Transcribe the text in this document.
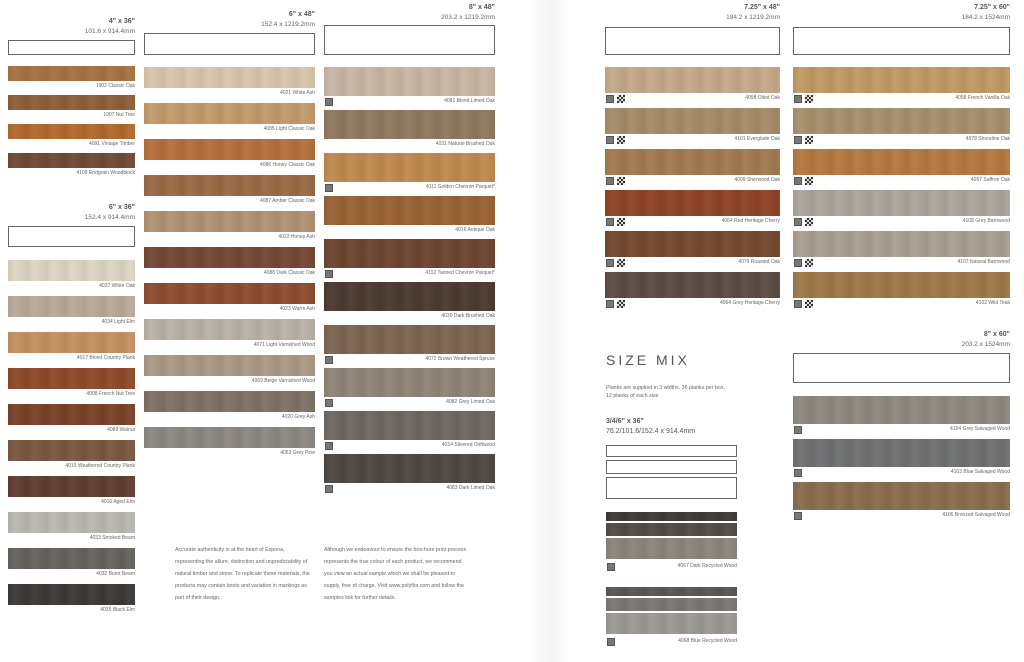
4" x 36"
101.6 x 914.4mm
1902 Classic Oak
1907 Nut Tree
4091 Vintage Timber
4109 Endgrain Woodblock
6" x 36"
152.4 x 914.4mm
4037 White Oak
4034 Light Elm
4017 Blond Country Plank
4008 French Nut Tree
4089 Walnut
4019 Weathered Country Plank
4016 Aged Elm
4033 Smoked Beam
4032 Burnt Beam
4035 Black Elm
6" x 48"
152.4 x 1219.2mm
4021 White Ash
4085 Light Classic Oak
4086 Honey Classic Oak
4087 Amber Classic Oak
4022 Honey Ash
4088 Dark Classic Oak
4023 Warm Ash
4071 Light Varnished Wood
4069 Beige Varnished Wood
4020 Grey Ash
4063 Grey Pine
8" x 48"
203.2 x 1219.2mm
4081 Blond Limed Oak
4031 Natural Brushed Oak
4111 Golden Chevron Parquet*
4016 Antique Oak
4112 Tanned Chevron Parquet*
4030 Dark Brushed Oak
4072 Brown Weathered Spruce
4082 Grey Limed Oak
4014 Silvered Driftwood
4083 Dark Limed Oak
Accurate authenticity is at the heart of Expona, representing the allure, distinction and unpredictability of natural timber and stone. To replicate these materials, the products may contain knots and variation in markings as part of their design.
Although we endeavour to ensure the brochure print process represents the true colour of each product, we recommend you view an actual sample which we shall be pleased to supply, free of charge. Visit www.polyflor.com and follow the samples link for further details.
7.25" x 48"
184.2 x 1219.2mm
4098 Oiled Oak
4101 Everglade Oak
4099 Sherwood Oak
4064 Red Heritage Cherry
4079 Roasted Oak
4064 Grey Heritage Cherry
7.25" x 60"
184.2 x 1524mm
4058 French Vanilla Oak
4078 Shoreline Oak
4057 Saffron Oak
4108 Grey Barnwood
4107 Natural Barnwood
4102 Wild Teak
8" x 60"
203.2 x 1524mm
4104 Grey Salvaged Wood
4103 Blue Salvaged Wood
4106 Bronzed Salvaged Wood
SIZE MIX
Planks are supplied in 3 widths, 36 planks per box, 12 planks of each size
3/4/6" x 36"
76.2/101.6/152.4 x 914.4mm
4067 Dark Recycled Wood
4068 Blue Recycled Wood
